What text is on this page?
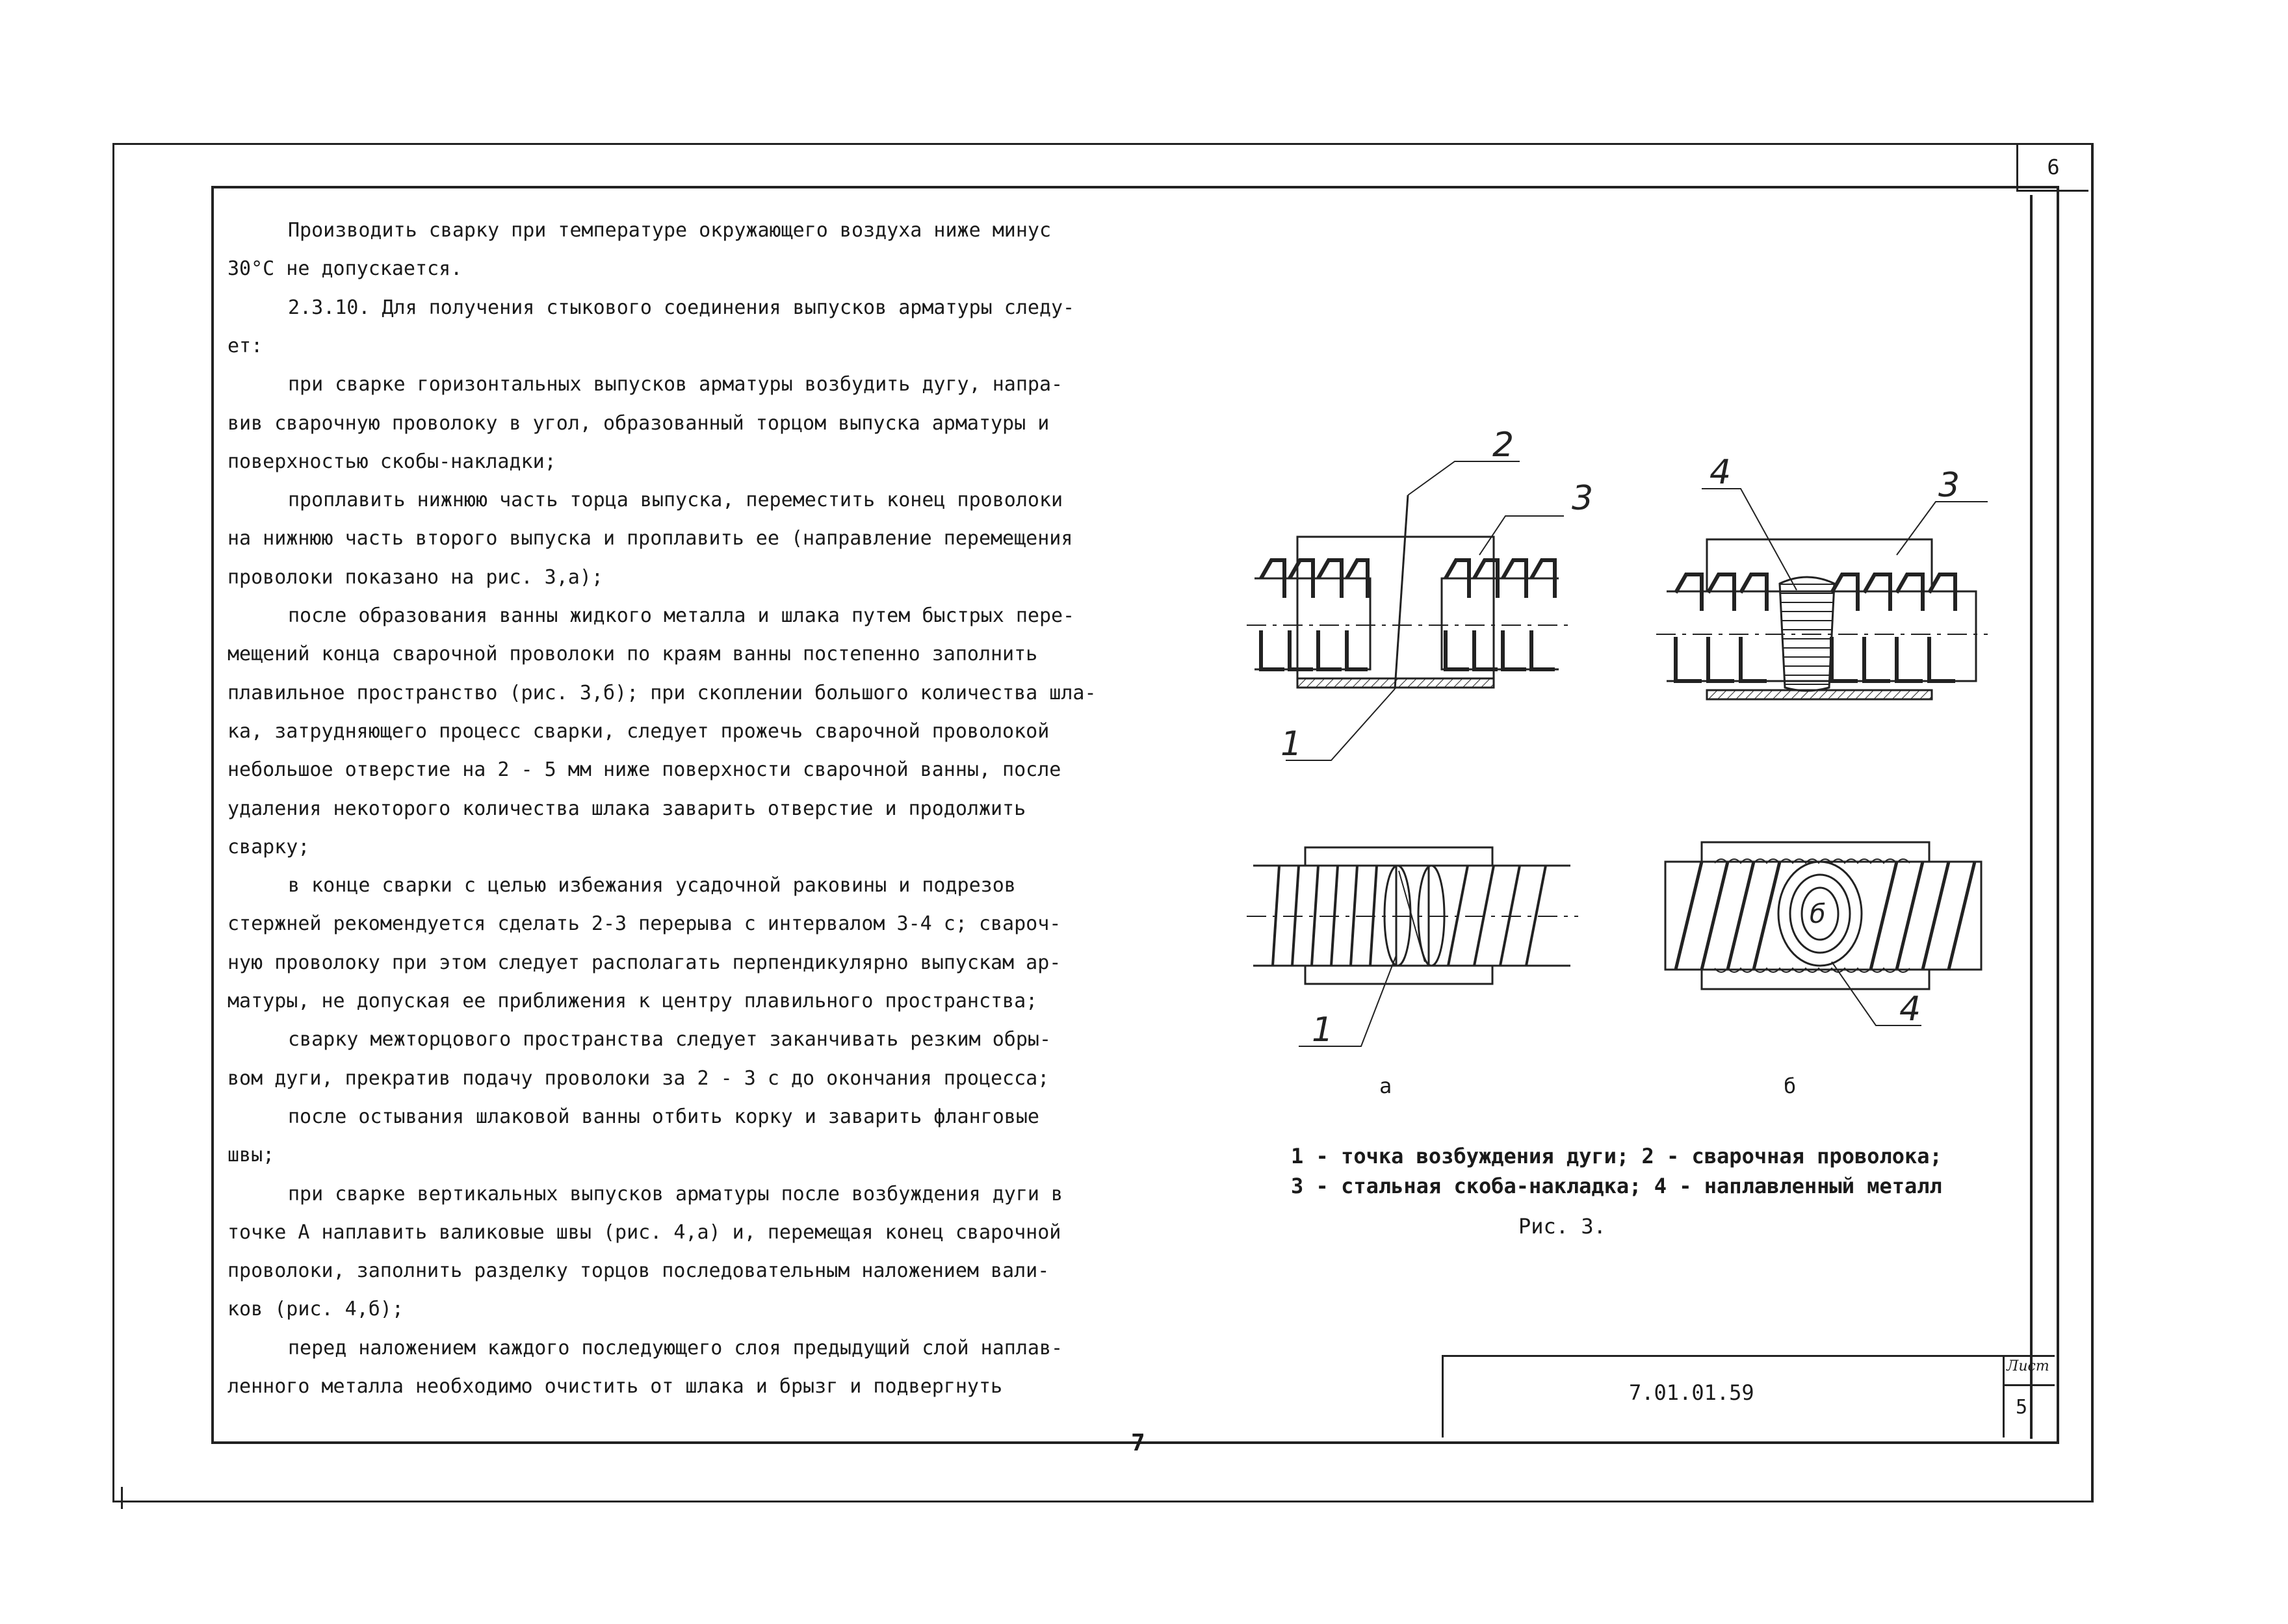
6
Производить сварку при температуре окружающего воздуха ниже минус
30°С не допускается.
2.3.10. Для получения стыкового соединения выпусков арматуры следу-
ет:
при сварке горизонтальных выпусков арматуры возбудить дугу, напра-
вив сварочную проволоку в угол, образованный торцом выпуска арматуры и
поверхностью скобы-накладки;
проплавить нижнюю часть торца выпуска, переместить конец проволоки
на нижнюю часть второго выпуска и проплавить ее (направление перемещения
проволоки показано на рис. 3,а);
после образования ванны жидкого металла и шлака путем быстрых пере-
мещений конца сварочной проволоки по краям ванны постепенно заполнить
плавильное пространство (рис. 3,б); при скоплении большого количества шла-
ка, затрудняющего процесс сварки, следует прожечь сварочной проволокой
небольшое отверстие на 2 - 5 мм ниже поверхности сварочной ванны, после
удаления некоторого количества шлака заварить отверстие и продолжить
сварку;
в конце сварки с целью избежания усадочной раковины и подрезов
стержней рекомендуется сделать 2-3 перерыва с интервалом 3-4 с; свароч-
ную проволоку при этом следует располагать перпендикулярно выпускам ар-
матуры, не допуская ее приближения к центру плавильного пространства;
сварку межторцового пространства следует заканчивать резким обры-
вом дуги, прекратив подачу проволоки за 2 - 3 с до окончания процесса;
после остывания шлаковой ванны отбить корку и заварить фланговые
швы;
при сварке вертикальных выпусков арматуры после возбуждения дуги в
точке А наплавить валиковые швы (рис. 4,а) и, перемещая конец сварочной
проволоки, заполнить разделку торцов последовательным наложением вали-
ков (рис. 4,б);
перед наложением каждого последующего слоя предыдущий слой наплав-
ленного металла необходимо очистить от шлака и брызг и подвергнуть
2
3
1
4	3
1
4
б
а	б
1 - точка возбуждения дуги; 2 - сварочная проволока;
3 - стальная скоба-накладка; 4 - наплавленный металл
Рис. 3.
7.01.01.59
Лист
5
7
